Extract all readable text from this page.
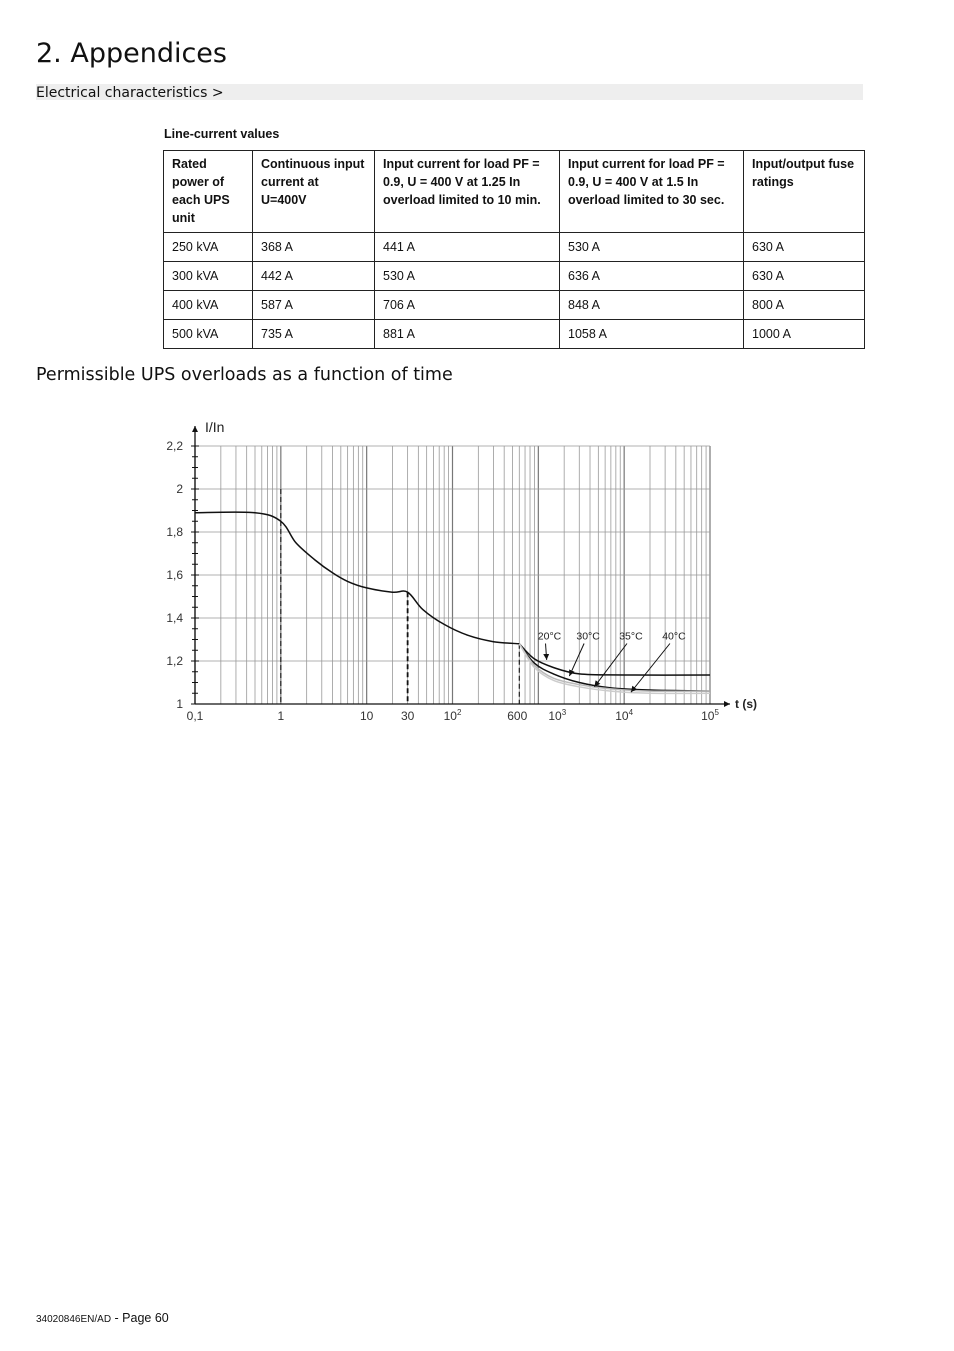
2. Appendices
Electrical characteristics >
Line-current values
Rated power of each UPS unit	Continuous input current at U=400V	Input current for load PF = 0.9, U = 400 V at 1.25 In overload limited to 10 min.	Input current for load PF = 0.9, U = 400 V at 1.5 In overload limited to 30 sec.	Input/output fuse ratings
250 kVA	368 A	441 A	530 A	630 A
300 kVA	442 A	530 A	636 A	630 A
400 kVA	587 A	706 A	848 A	800 A
500 kVA	735 A	881 A	1058 A	1000 A
Permissible UPS overloads as a function of time
I/In
t (s)
1
1,2
1,4
1,6
1,8
2
2,2
0,1	1	10 30 $10^2$	600 $10^3$	$10^4$	$10^5$
20°C 30°C 35°C 40°C
34020846EN/AD - Page 60
